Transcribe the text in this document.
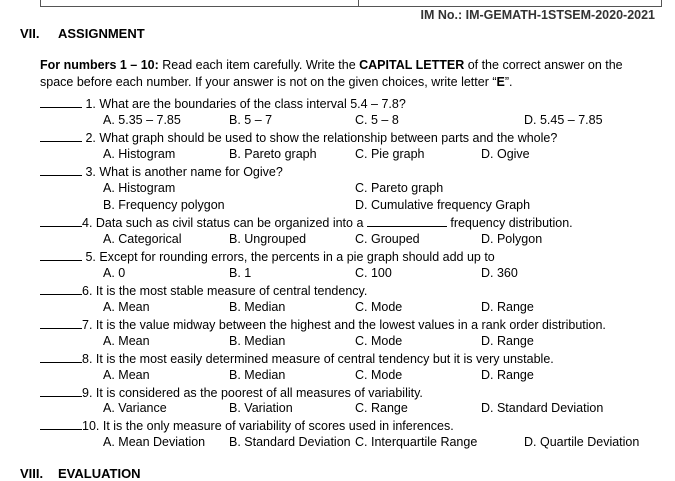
IM No.: IM-GEMATH-1STSEM-2020-2021
VII. ASSIGNMENT
For numbers 1 – 10: Read each item carefully. Write the CAPITAL LETTER of the correct answer on the space before each number. If your answer is not on the given choices, write letter “E”.
1. What are the boundaries of the class interval 5.4 – 7.8?
A. 5.35 – 7.85	B. 5 – 7	C. 5 – 8	D. 5.45 – 7.85
2. What graph should be used to show the relationship between parts and the whole?
A. Histogram	B. Pareto graph	C. Pie graph	D. Ogive
3. What is another name for Ogive?
A. Histogram	C. Pareto graph
B. Frequency polygon	D. Cumulative frequency Graph
4. Data such as civil status can be organized into a	frequency distribution.
A. Categorical	B. Ungrouped	C. Grouped	D. Polygon
5. Except for rounding errors, the percents in a pie graph should add up to
A. 0	B. 1	C. 100	D. 360
6. It is the most stable measure of central tendency.
A. Mean	B. Median	C. Mode	D. Range
7. It is the value midway between the highest and the lowest values in a rank order distribution.
A. Mean	B. Median	C. Mode	D. Range
8. It is the most easily determined measure of central tendency but it is very unstable.
A. Mean	B. Median	C. Mode	D. Range
9. It is considered as the poorest of all measures of variability.
A. Variance	B. Variation	C. Range	D. Standard Deviation
10. It is the only measure of variability of scores used in inferences.
A. Mean Deviation B. Standard Deviation C. Interquartile Range	D. Quartile Deviation
VIII. EVALUATION
